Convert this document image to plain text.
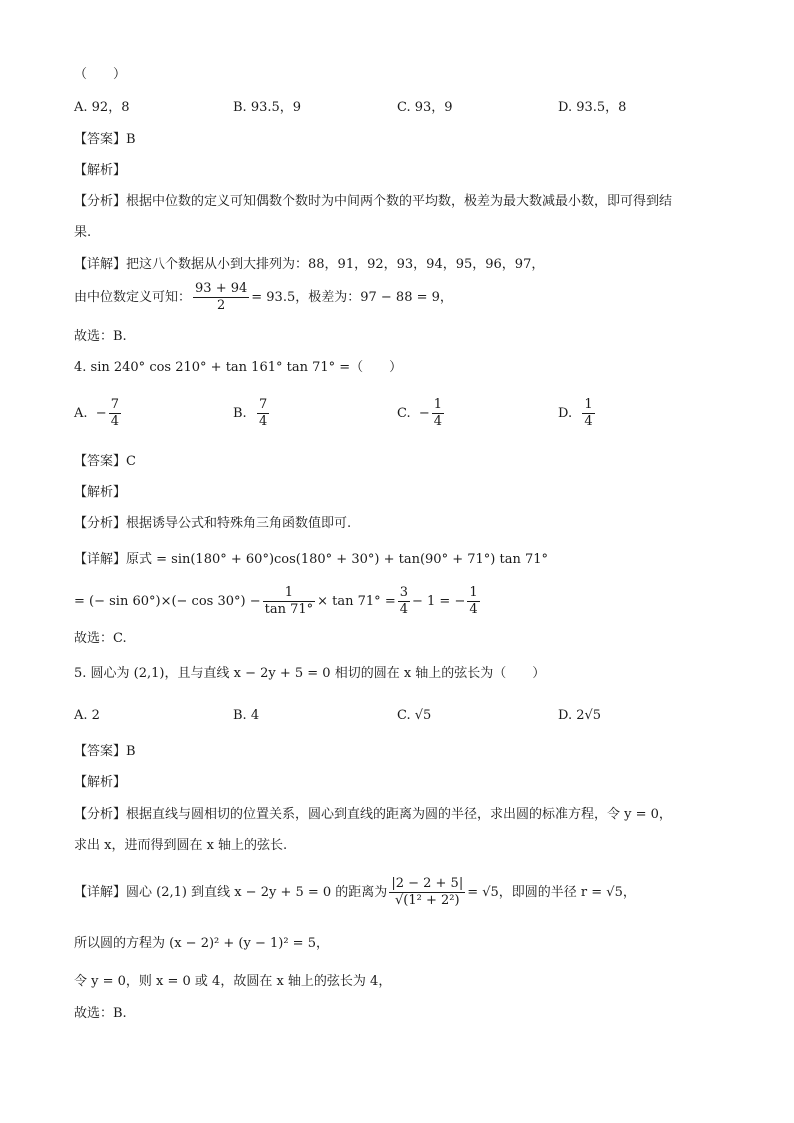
（　　）
A. 92，8	B. 93.5，9	C. 93，9	D. 93.5，8
【答案】B
【解析】
【分析】根据中位数的定义可知偶数个数时为中间两个数的平均数，极差为最大数减最小数，即可得到结
果.
【详解】把这八个数据从小到大排列为：88，91，92，93，94，95，96，97，
由中位数定义可知： $\frac{93 + 94}{2} = 93.5$，极差为：97 − 88 = 9，
故选：B.
4. sin 240° cos 210° + tan 161° tan 71° =（　　）
A. − $\frac{7}{4}$	B. $\frac{7}{4}$	C. − $\frac{1}{4}$	D. $\frac{1}{4}$
【答案】C
【解析】
【分析】根据诱导公式和特殊角三角函数值即可.
【详解】原式 = sin(180° + 60°)cos(180° + 30°) + tan(90° + 71°) tan 71°
= (− $\sin 60^\circ)\times(- \cos 30^\circ) - \frac{1}{\tan 71^\circ} \times \tan 71^\circ = \frac{3}{4} - 1$ = − $\frac{1}{4}$
故选：C.
5. 圆心为 (2,1)，且与直线 x − 2y + 5 = 0 相切的圆在 x 轴上的弦长为（　　）
A. 2	B. 4	C. √5	D. 2√5
【答案】B
【解析】
【分析】根据直线与圆相切的位置关系，圆心到直线的距离为圆的半径，求出圆的标准方程，令 y = 0，
求出 x，进而得到圆在 x 轴上的弦长.
【详解】圆心 (2,1) 到直线 x − 2y + 5 = 0 的距离为 $\frac{|2 - 2 + 5|}{\text{√(1² + 2²)}} = √5$，即圆的半径 r = √5，
所以圆的方程为 (x − 2)² + (y − 1)² = 5，
令 y = 0，则 x = 0 或 4，故圆在 x 轴上的弦长为 4，
故选：B.
